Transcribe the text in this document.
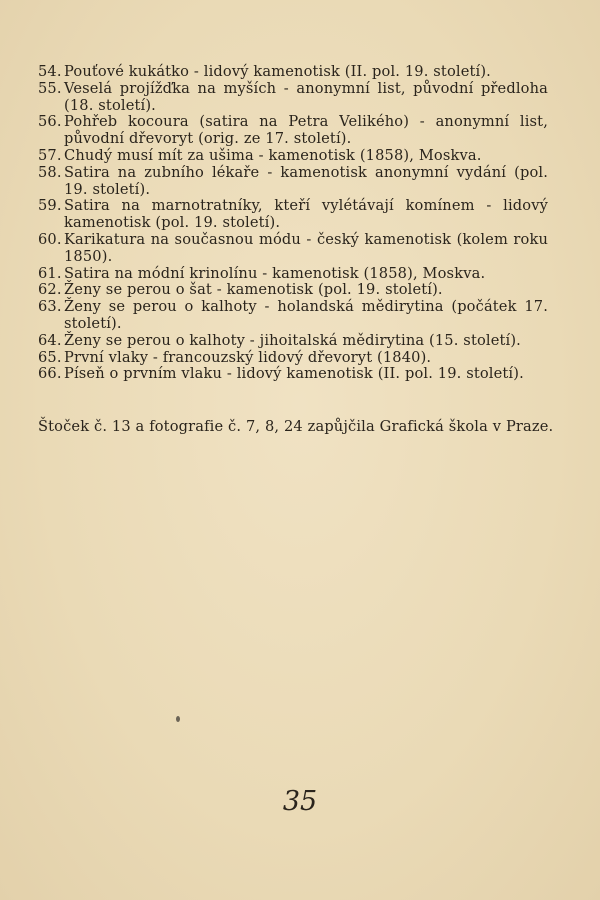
54. Pouťové kukátko - lidový kamenotisk (II. pol. 19. století).
55. Veselá projížďka na myších - anonymní list, původní předloha (18. století).
56. Pohřeb kocoura (satira na Petra Velikého) - anonymní list, původní dřevoryt (orig. ze 17. století).
57. Chudý musí mít za ušima - kamenotisk (1858), Moskva.
58. Satira na zubního lékaře - kamenotisk anonymní vydání (pol. 19. století).
59. Satira na marnotratníky, kteří vylétávají komínem - lidový kamenotisk (pol. 19. století).
60. Karikatura na současnou módu - český kamenotisk (kolem roku 1850).
61. Satira na módní krinolínu - kamenotisk (1858), Moskva.
62. Ženy se perou o šat - kamenotisk (pol. 19. století).
63. Ženy se perou o kalhoty - holandská mědirytina (počátek 17. století).
64. Ženy se perou o kalhoty - jihoitalská mědirytina (15. století).
65. První vlaky - francouzský lidový dřevoryt (1840).
66. Píseň o prvním vlaku - lidový kamenotisk (II. pol. 19. století).

Štoček č. 13 a fotografie č. 7, 8, 24 zapůjčila Grafická škola v Praze.

35
